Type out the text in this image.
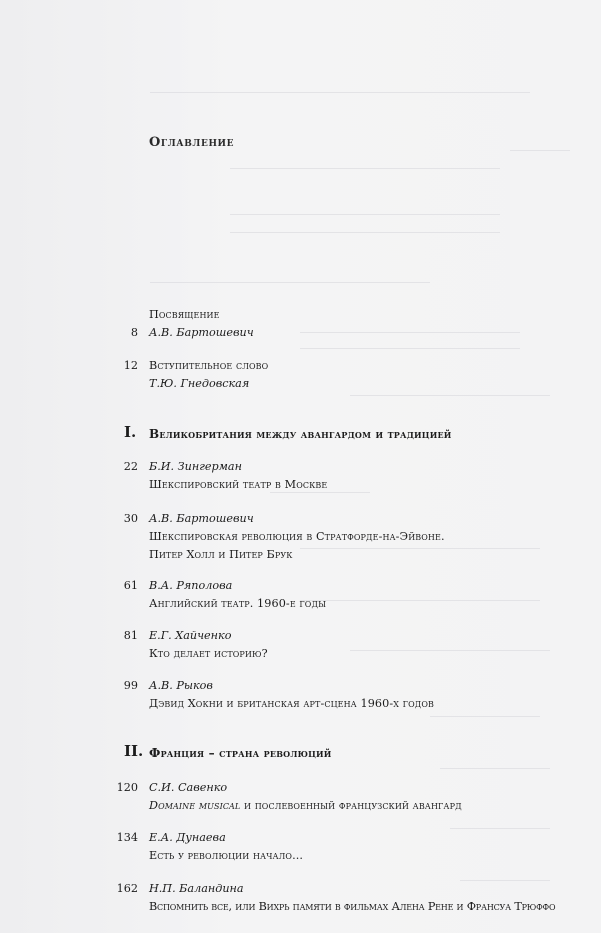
Оглавление
Посвящение
8 А.В. Бартошевич
12 Вступительное слово
Т.Ю. Гнедовская
I. Великобритания между авангардом и традицией
22 Б.И. Зингерман
Шекспировский театр в Москве
30 А.В. Бартошевич
Шекспировская революция в Стратфорде-на-Эйвоне.
Питер Холл и Питер Брук
61 В.А. Ряполова
Английский театр. 1960-е годы
81 Е.Г. Хайченко
Кто делает историю?
99 А.В. Рыков
Дэвид Хокни и британская арт-сцена 1960-х годов
II. Франция – страна революций
120 С.И. Савенко
Domaine musical и послевоенный французский авангард
134 Е.А. Дунаева
Есть у революции начало...
162 Н.П. Баландина
Вспомнить все, или Вихрь памяти в фильмах Алена Рене и Франсуа Трюффо
